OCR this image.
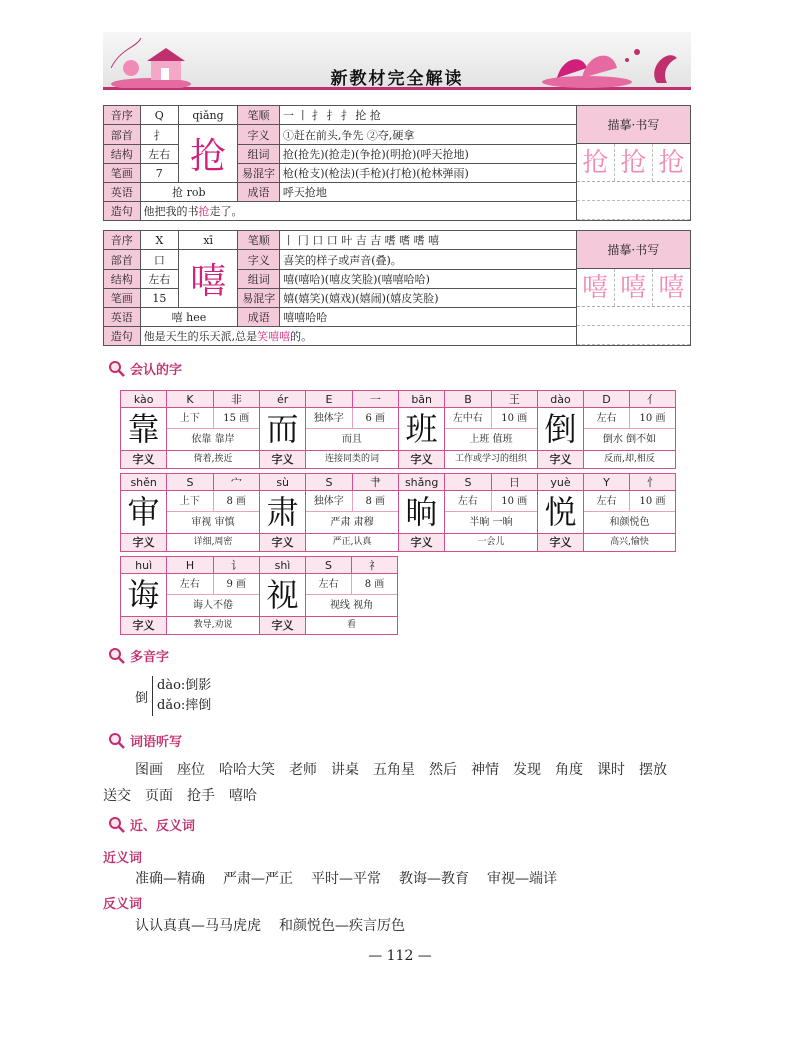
新教材完全解读
音序	Q	qiǎng	笔顺	⼀ 丨 扌 扌 扌 抡 抢	描摹·书写
抢 抢 抢

部首	扌	抢	字义	①赶在前头,争先 ②夺,硬拿	
结构	左右		组词	抢(抢先)(抢走)(争抢)(明抢)(呼天抢地)	
笔画	7		易混字	枪(枪支)(枪法)(手枪)(打枪)(枪林弹雨)	
英语	抢 rob		成语	呼天抢地	
造句	他把我的书抢走了。				
音序	X	xī	笔顺	丨 冂 口 口 叶 吉 吉 嗜 嗜 嗜 嘻	描摹·书写
嘻 嘻 嘻

部首	口	嘻	字义	喜笑的样子或声音(叠)。	
结构	左右		组词	嘻(嘻哈)(嘻皮笑脸)(嘻嘻哈哈)	
笔画	15		易混字	嬉(嬉笑)(嬉戏)(嬉闹)(嬉皮笑脸)	
英语	嘻 hee		成语	嘻嘻哈哈	
造句	他是天生的乐天派,总是笑嘻嘻的。				
会认的字
kào	K	非
靠	上下	15 画
依靠 靠岸
字义	倚着,挨近
ér	E	一
而	独体字	6 画
而且
字义	连接同类的词
bān	B	王
班	左中右	10 画
上班 值班
字义	工作或学习的组织
dào	D	亻
倒	左右	10 画
倒水 倒不如
字义	反而,却,相反
shěn	S	宀
审	上下	8 画
审视 审慎
字义	详细,周密
sù	S	肀
肃	独体字	8 画
严肃 肃穆
字义	严正,认真
shǎng	S	日
晌	左右	10 画
半晌 一晌
字义	一会儿
yuè	Y	忄
悦	左右	10 画
和颜悦色
字义	高兴,愉快
huì	H	讠
诲	左右	9 画
诲人不倦
字义	教导,劝说
shì	S	礻
视	左右	8 画
视线 视角
字义	看
多音字
倒
dào:倒影
dǎo:摔倒
词语听写
图画 座位 哈哈大笑 老师 讲桌 五角星 然后 神情 发现 角度 课时 摆放送交 页面 抢手 嘻哈
近、反义词
近义词
准确—精确 严肃—严正 平时—平常 教诲—教育 审视—端详
反义词
认认真真—马马虎虎 和颜悦色—疾言厉色
— 112 —
